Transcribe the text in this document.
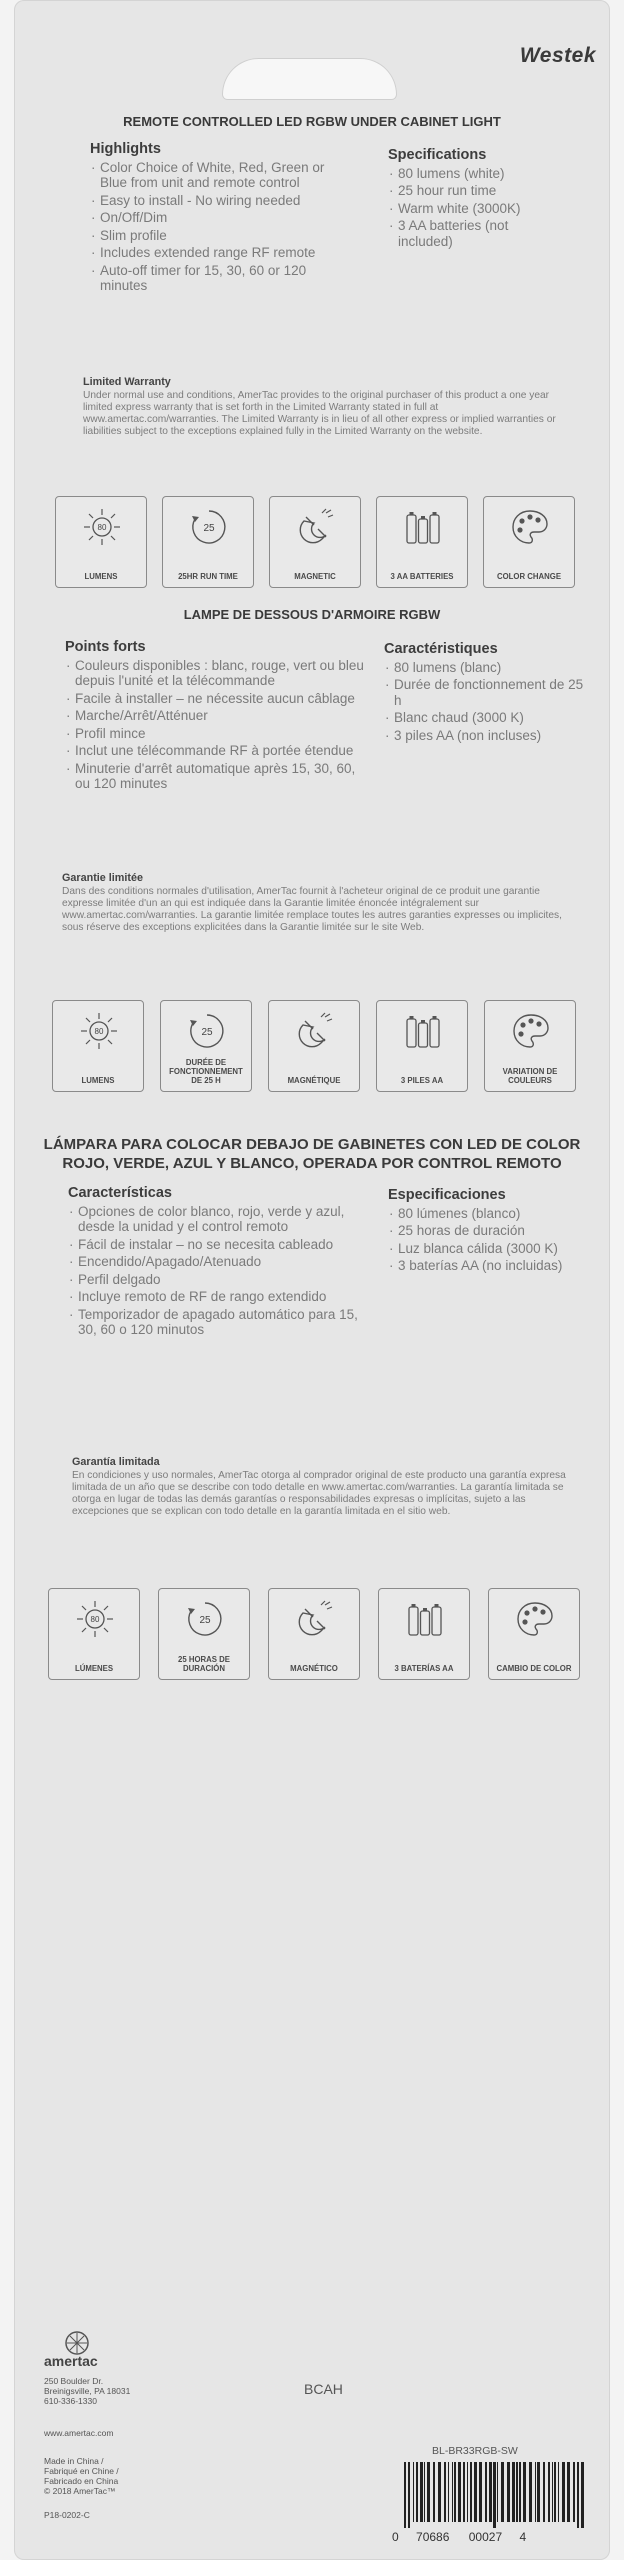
Westek
REMOTE CONTROLLED LED RGBW UNDER CABINET LIGHT
Highlights
· Color Choice of White, Red, Green or Blue from unit and remote control
· Easy to install - No wiring needed
· On/Off/Dim
· Slim profile
· Includes extended range RF remote
· Auto-off timer for 15, 30, 60 or 120 minutes
Specifications
· 80 lumens (white)
· 25 hour run time
· Warm white (3000K)
· 3 AA batteries (not included)
Limited Warranty
Under normal use and conditions, AmerTac provides to the original purchaser of this product a one year limited express warranty that is set forth in the Limited Warranty stated in full at www.amertac.com/warranties. The Limited Warranty is in lieu of all other express or implied warranties or liabilities subject to the exceptions explained fully in the Limited Warranty on the website.
80
LUMENS
25
25HR RUN TIME	MAGNETIC	3 AA BATTERIES	COLOR CHANGE
LAMPE DE DESSOUS D'ARMOIRE RGBW
Points forts
· Couleurs disponibles : blanc, rouge, vert ou bleu depuis l'unité et la télécommande
· Facile à installer – ne nécessite aucun câblage
· Marche/Arrêt/Atténuer
· Profil mince
· Inclut une télécommande RF à portée étendue
· Minuterie d'arrêt automatique après 15, 30, 60, ou 120 minutes
Caractéristiques
· 80 lumens (blanc)
· Durée de fonctionnement de 25 h
· Blanc chaud (3000 K)
· 3 piles AA (non incluses)
Garantie limitée
Dans des conditions normales d'utilisation, AmerTac fournit à l'acheteur original de ce produit une garantie expresse limitée d'un an qui est indiquée dans la Garantie limitée énoncée intégralement sur www.amertac.com/warranties. La garantie limitée remplace toutes les autres garanties expresses ou implicites, sous réserve des exceptions explicitées dans la Garantie limitée sur le site Web.
80
LUMENS
25
DURÉE DE FONCTIONNEMENT DE 25 H	MAGNÉTIQUE	3 PILES AA
VARIATION DE COULEURS
LÁMPARA PARA COLOCAR DEBAJO DE GABINETES CON LED DE COLOR
ROJO, VERDE, AZUL Y BLANCO, OPERADA POR CONTROL REMOTO
Características
· Opciones de color blanco, rojo, verde y azul, desde la unidad y el control remoto
· Fácil de instalar – no se necesita cableado
· Encendido/Apagado/Atenuado
· Perfil delgado
· Incluye remoto de RF de rango extendido
· Temporizador de apagado automático para 15, 30, 60 o 120 minutos
Especificaciones
· 80 lúmenes (blanco)
· 25 horas de duración
· Luz blanca cálida (3000 K)
· 3 baterías AA (no incluidas)
Garantía limitada
En condiciones y uso normales, AmerTac otorga al comprador original de este producto una garantía expresa limitada de un año que se describe con todo detalle en www.amertac.com/warranties. La garantía limitada se otorga en lugar de todas las demás garantías o responsabilidades expresas o implícitas, sujeto a las excepciones que se explican con todo detalle en la garantía limitada en el sitio web.
80
LÚMENES
25
25 HORAS DE DURACIÓN	MAGNÉTICO	3 BATERÍAS AA	CAMBIO DE COLOR
amertac
250 Boulder Dr.
Breinigsville, PA 18031
610-336-1330
www.amertac.com
Made in China /
Fabriqué en Chine /
Fabricado en China
© 2018 AmerTac™
P18-0202-C
BCAH
BL-BR33RGB-SW
0 70686 00027 4
